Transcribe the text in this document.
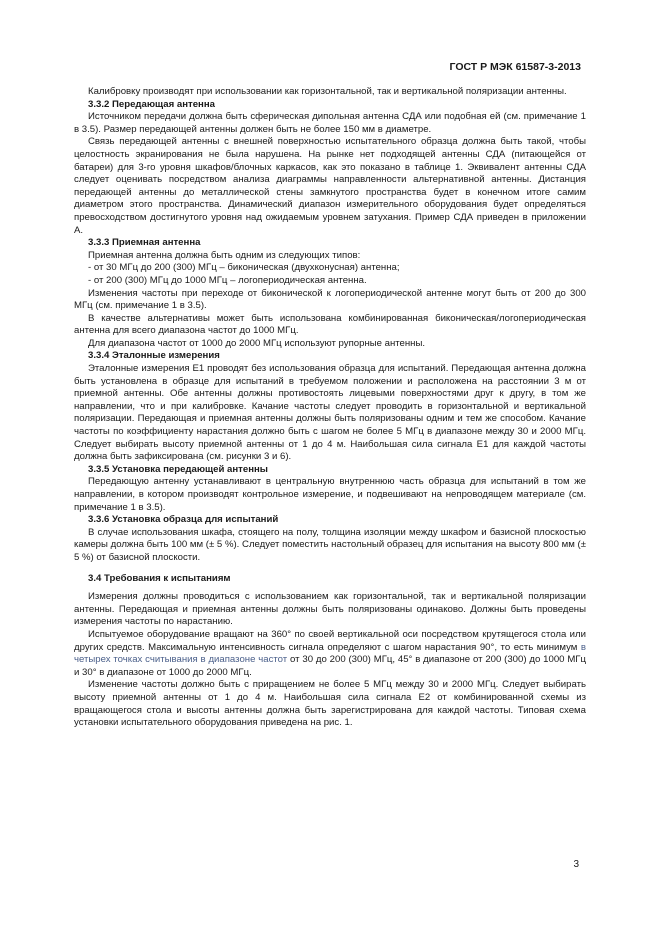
ГОСТ Р МЭК 61587-3-2013

Калибровку производят при использовании как горизонтальной, так и вертикальной поляризации антенны.

3.3.2 Передающая антенна

Источником передачи должна быть сферическая дипольная антенна СДА или подобная ей (см. примечание 1 в 3.5). Размер передающей антенны должен быть не более 150 мм в диаметре.

Связь передающей антенны с внешней поверхностью испытательного образца должна быть такой, чтобы целостность экранирования не была нарушена. На рынке нет подходящей антенны СДА (питающейся от батареи) для 3-го уровня шкафов/блочных каркасов, как это показано в таблице 1. Эквивалент антенны СДА следует оценивать посредством анализа диаграммы направленности альтернативной антенны. Дистанция передающей антенны до металлической стены замкнутого пространства будет в конечном итоге самим диаметром этого пространства. Динамический диапазон измерительного оборудования будет определяться превосходством достигнутого уровня над ожидаемым уровнем затухания. Пример СДА приведен в приложении А.

3.3.3 Приемная антенна

Приемная антенна должна быть одним из следующих типов:

- от 30 МГц до 200 (300) МГц – биконическая (двухконусная) антенна;

- от 200 (300) МГц до 1000 МГц – логопериодическая антенна.

Изменения частоты при переходе от биконической к логопериодической антенне могут быть от 200 до 300 МГц (см. примечание 1 в 3.5).

В качестве альтернативы может быть использована комбинированная биконическая/логопериодическая антенна для всего диапазона частот до 1000 МГц.

Для диапазона частот от 1000 до 2000 МГц используют рупорные антенны.

3.3.4 Эталонные измерения

Эталонные измерения E1 проводят без использования образца для испытаний. Передающая антенна должна быть установлена в образце для испытаний в требуемом положении и расположена на расстоянии 3 м от приемной антенны. Обе антенны должны противостоять лицевыми поверхностями друг к другу, в том же направлении, что и при калибровке. Качание частоты следует проводить в горизонтальной и вертикальной поляризации. Передающая и приемная антенны должны быть поляризованы одним и тем же способом. Качание частоты по коэффициенту нарастания должно быть с шагом не более 5 МГц в диапазоне между 30 и 2000 МГц. Следует выбирать высоту приемной антенны от 1 до 4 м. Наибольшая сила сигнала E1 для каждой частоты должна быть зафиксирована (см. рисунки 3 и 6).

3.3.5 Установка передающей антенны

Передающую антенну устанавливают в центральную внутреннюю часть образца для испытаний в том же направлении, в котором производят контрольное измерение, и подвешивают на непроводящем материале (см. примечание 1 в 3.5).

3.3.6 Установка образца для испытаний

В случае использования шкафа, стоящего на полу, толщина изоляции между шкафом и базисной плоскостью камеры должна быть 100 мм (± 5 %). Следует поместить настольный образец для испытания на высоту 800 мм (± 5 %) от базисной плоскости.

3.4 Требования к испытаниям

Измерения должны проводиться с использованием как горизонтальной, так и вертикальной поляризации антенны. Передающая и приемная антенны должны быть поляризованы одинаково. Должны быть проведены измерения частоты по нарастанию.

Испытуемое оборудование вращают на 360° по своей вертикальной оси посредством крутящегося стола или других средств. Максимальную интенсивность сигнала определяют с шагом нарастания 90°, то есть минимум в четырех точках считывания в диапазоне частот от 30 до 200 (300) МГц, 45° в диапазоне от 200 (300) до 1000 МГц и 30° в диапазоне от 1000 до 2000 МГц.

Изменение частоты должно быть с приращением не более 5 МГц между 30 и 2000 МГц. Следует выбирать высоту приемной антенны от 1 до 4 м. Наибольшая сила сигнала E2 от комбинированной схемы из вращающегося стола и высоты антенны должна быть зарегистрирована для каждой частоты. Типовая схема установки испытательного оборудования приведена на рис. 1.

3
